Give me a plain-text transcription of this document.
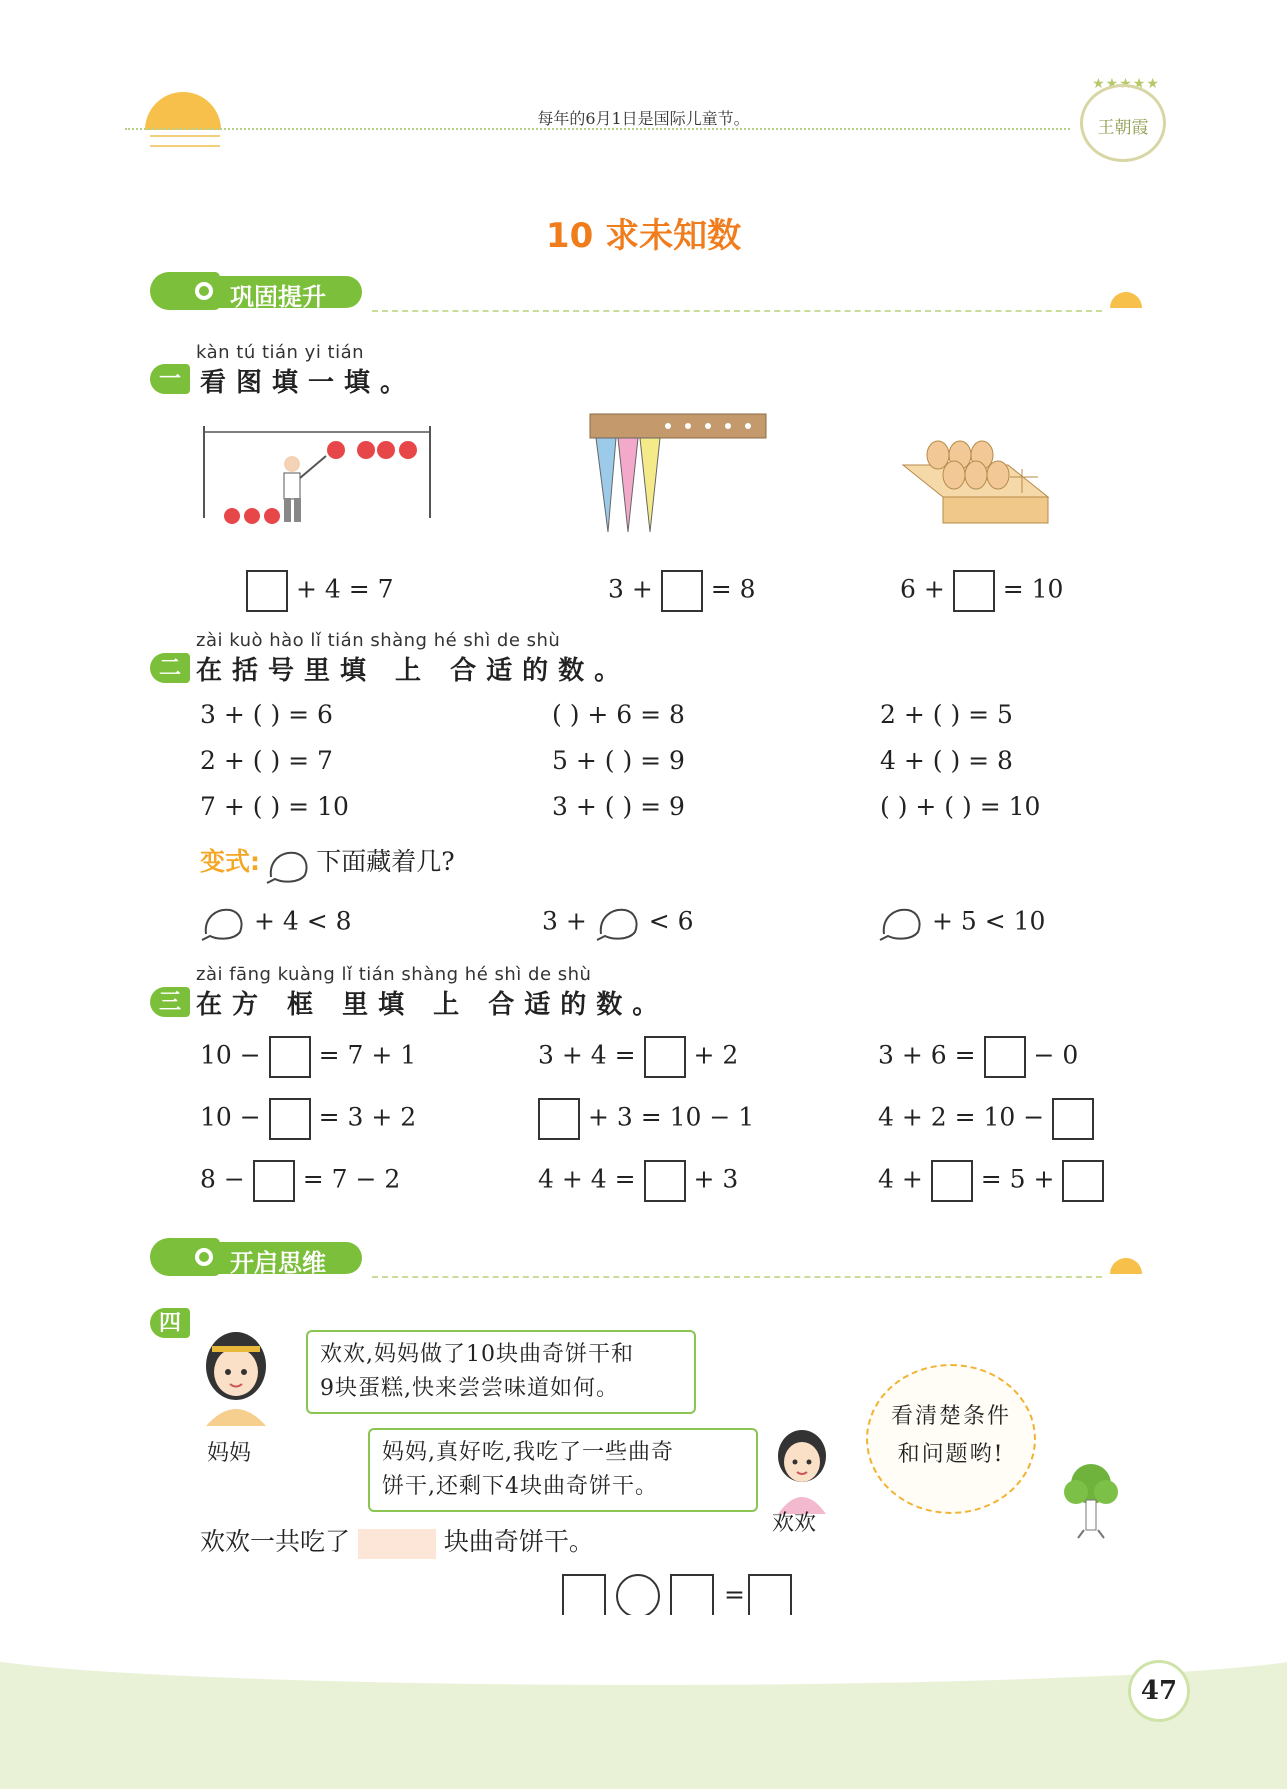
每年的6月1日是国际儿童节。
★★★★★
王朝霞
10 求未知数
巩固提升
kàn tú tián yi tián
一 看图填一填。
+ 4 = 7	3 + = 8	6 + = 10
zài kuò hào lǐ tián shàng hé shì de shù
二 在括号里填 上 合适的数。
3 + ( ) = 6	( ) + 6 = 8	2 + ( ) = 5
2 + ( ) = 7	5 + ( ) = 9	4 + ( ) = 8
7 + ( ) = 10	3 + ( ) = 9	( ) + ( ) = 10
变式: 下面藏着几?
+ 4 < 8	3 + < 6	+ 5 < 10
zài fāng kuàng lǐ tián shàng hé shì de shù
三 在方 框 里填 上 合适的数。
10 − = 7 + 1	3 + 4 = + 2	3 + 6 = − 0
10 − = 3 + 2	+ 3 = 10 − 1	4 + 2 = 10 −
8 − = 7 − 2	4 + 4 = + 3	4 + = 5 +
开启思维
四
妈妈
欢欢,妈妈做了10块曲奇饼干和
9块蛋糕,快来尝尝味道如何。
妈妈,真好吃,我吃了一些曲奇
饼干,还剩下4块曲奇饼干。
欢欢
看清楚条件
和问题哟!
欢欢一共吃了	块曲奇饼干。
=
47
